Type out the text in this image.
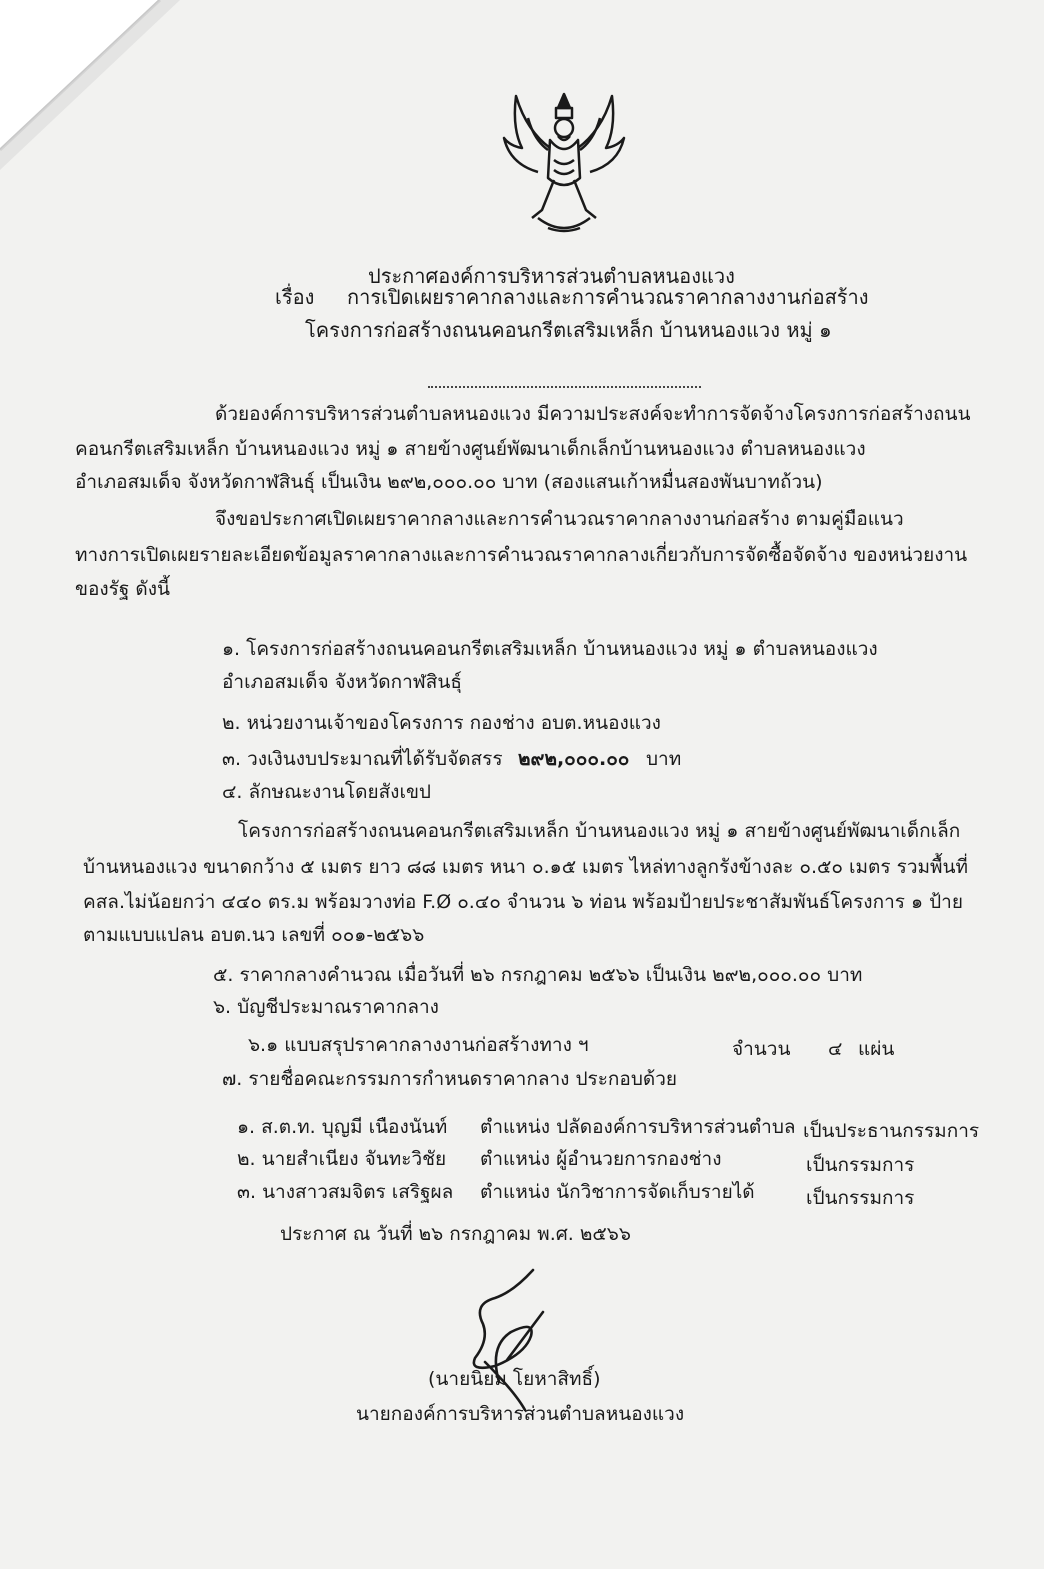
ประกาศองค์การบริหารส่วนตำบลหนองแวง
เรื่อง การเปิดเผยราคากลางและการคำนวณราคากลางงานก่อสร้าง
โครงการก่อสร้างถนนคอนกรีตเสริมเหล็ก บ้านหนองแวง หมู่ ๑
ด้วยองค์การบริหารส่วนตำบลหนองแวง มีความประสงค์จะทำการจัดจ้างโครงการก่อสร้างถนน
คอนกรีตเสริมเหล็ก บ้านหนองแวง หมู่ ๑ สายข้างศูนย์พัฒนาเด็กเล็กบ้านหนองแวง ตำบลหนองแวง
อำเภอสมเด็จ จังหวัดกาฬสินธุ์ เป็นเงิน ๒๙๒,๐๐๐.๐๐ บาท (สองแสนเก้าหมื่นสองพันบาทถ้วน)
จึงขอประกาศเปิดเผยราคากลางและการคำนวณราคากลางงานก่อสร้าง ตามคู่มือแนว
ทางการเปิดเผยรายละเอียดข้อมูลราคากลางและการคำนวณราคากลางเกี่ยวกับการจัดซื้อจัดจ้าง ของหน่วยงาน
ของรัฐ ดังนี้
๑. โครงการก่อสร้างถนนคอนกรีตเสริมเหล็ก บ้านหนองแวง หมู่ ๑ ตำบลหนองแวง
อำเภอสมเด็จ จังหวัดกาฬสินธุ์
๒. หน่วยงานเจ้าของโครงการ กองช่าง อบต.หนองแวง
๓. วงเงินงบประมาณที่ได้รับจัดสรร ๒๙๒,๐๐๐.๐๐ บาท
๔. ลักษณะงานโดยสังเขป
โครงการก่อสร้างถนนคอนกรีตเสริมเหล็ก บ้านหนองแวง หมู่ ๑ สายข้างศูนย์พัฒนาเด็กเล็ก
บ้านหนองแวง ขนาดกว้าง ๕ เมตร ยาว ๘๘ เมตร หนา ๐.๑๕ เมตร ไหล่ทางลูกรังข้างละ ๐.๕๐ เมตร รวมพื้นที่
คสล.ไม่น้อยกว่า ๔๔๐ ตร.ม พร้อมวางท่อ F.Ø ๐.๔๐ จำนวน ๖ ท่อน พร้อมป้ายประชาสัมพันธ์โครงการ ๑ ป้าย
ตามแบบแปลน อบต.นว เลขที่ ๐๐๑-๒๕๖๖
๕. ราคากลางคำนวณ เมื่อวันที่ ๒๖ กรกฎาคม ๒๕๖๖ เป็นเงิน ๒๙๒,๐๐๐.๐๐ บาท
๖. บัญชีประมาณราคากลาง
๖.๑ แบบสรุปราคากลางงานก่อสร้างทาง ฯ	จำนวน ๔ แผ่น
๗. รายชื่อคณะกรรมการกำหนดราคากลาง ประกอบด้วย
๑. ส.ต.ท. บุญมี เนืองนันท์ ตำแหน่ง ปลัดองค์การบริหารส่วนตำบล เป็นประธานกรรมการ
๒. นายสำเนียง จันทะวิชัย ตำแหน่ง ผู้อำนวยการกองช่าง	เป็นกรรมการ
๓. นางสาวสมจิตร เสริฐผล ตำแหน่ง นักวิชาการจัดเก็บรายได้	เป็นกรรมการ
ประกาศ ณ วันที่ ๒๖ กรกฎาคม พ.ศ. ๒๕๖๖
(นายนิยม โยหาสิทธิ์)
นายกองค์การบริหารส่วนตำบลหนองแวง
